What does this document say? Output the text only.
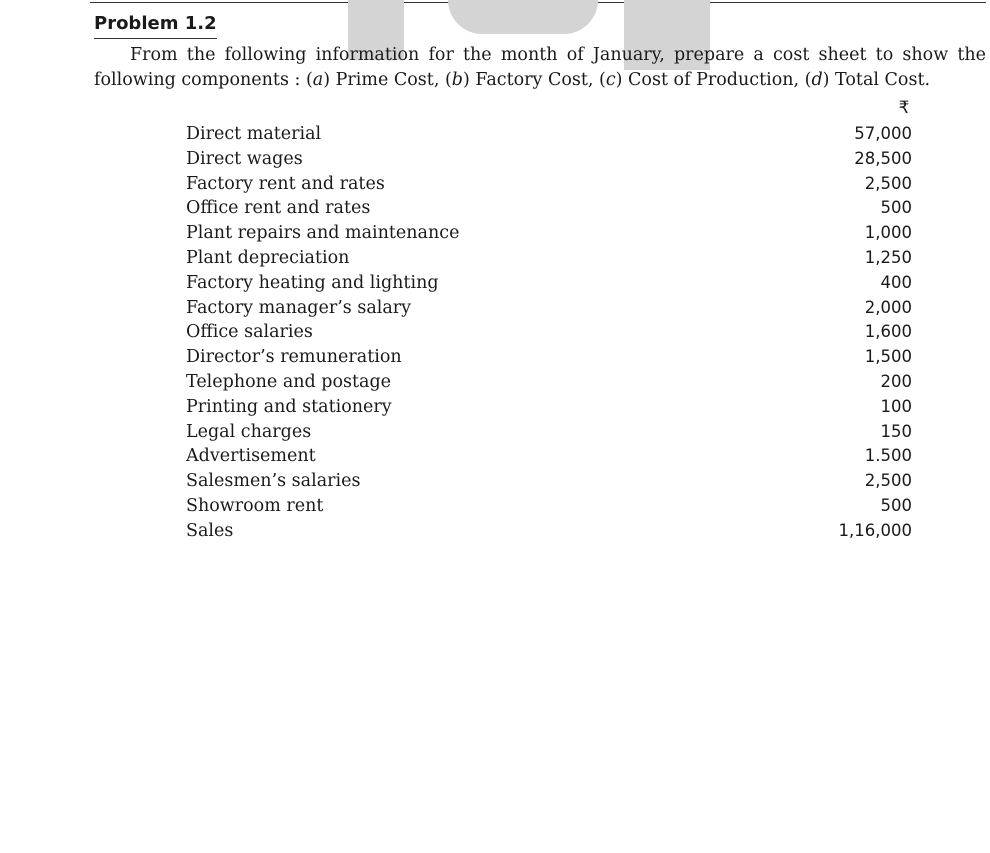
Problem 1.2

From the following information for the month of January, prepare a cost sheet to show the
following components : (a) Prime Cost, (b) Factory Cost, (c) Cost of Production, (d) Total Cost.

₹
Direct material	57,000
Direct wages	28,500
Factory rent and rates	2,500
Office rent and rates	500
Plant repairs and maintenance	1,000
Plant depreciation	1,250
Factory heating and lighting	400
Factory manager’s salary	2,000
Office salaries	1,600
Director’s remuneration	1,500
Telephone and postage	200
Printing and stationery	100
Legal charges	150
Advertisement	1.500
Salesmen’s salaries	2,500
Showroom rent	500
Sales	1,16,000
